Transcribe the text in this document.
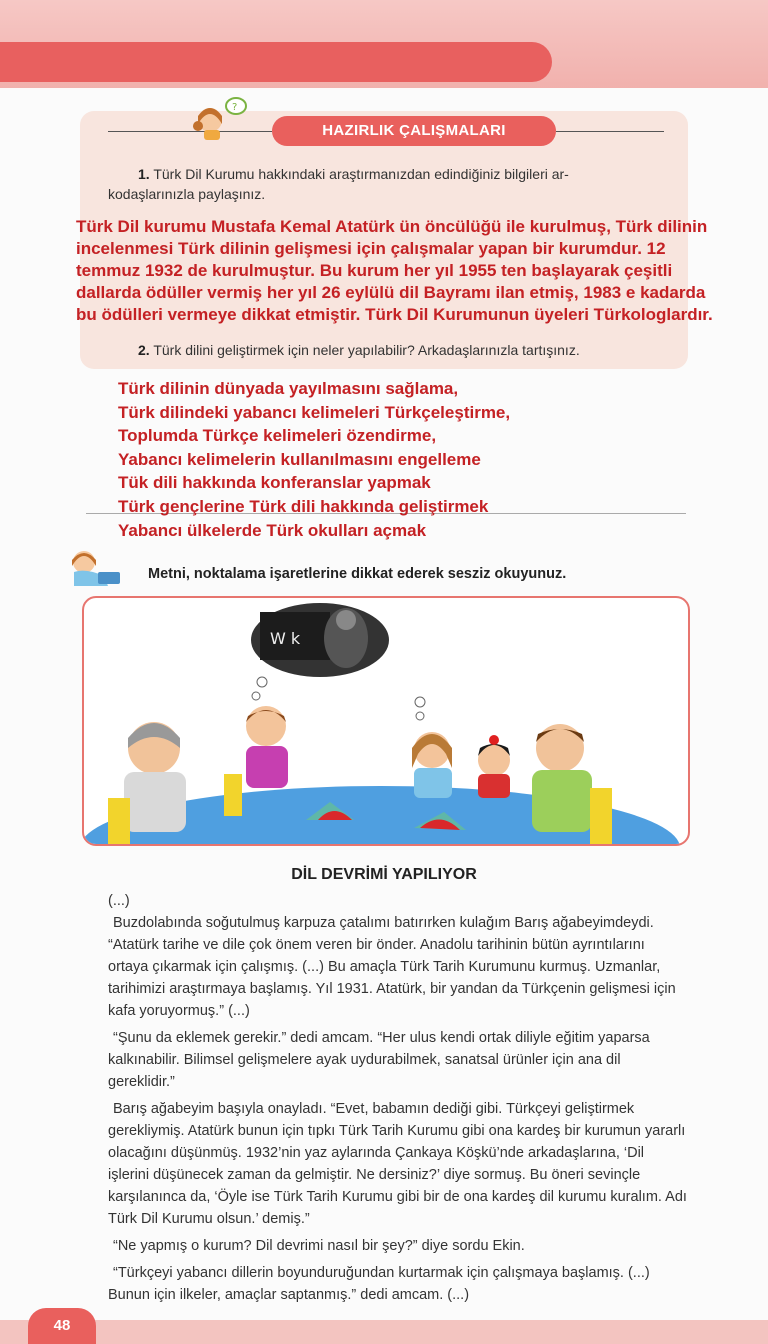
?
HAZIRLIK ÇALIŞMALARI
1. Türk Dil Kurumu hakkındaki araştırmanızdan edindiğiniz bilgileri ar-
kodaşlarınızla paylaşınız.
Türk Dil kurumu Mustafa Kemal Atatürk ün öncülüğü ile kurulmuş, Türk dilinin
incelenmesi Türk dilinin gelişmesi için çalışmalar yapan bir kurumdur. 12
temmuz 1932 de kurulmuştur. Bu kurum her yıl 1955 ten başlayarak çeşitli
dallarda ödüller vermiş her yıl 26 eylülü dil Bayramı ilan etmiş, 1983 e kadarda
bu ödülleri vermeye dikkat etmiştir. Türk Dil Kurumunun üyeleri Türkologlardır.
2. Türk dilini geliştirmek için neler yapılabilir? Arkadaşlarınızla tartışınız.
Türk dilinin dünyada yayılmasını sağlama,
Türk dilindeki yabancı kelimeleri Türkçeleştirme,
Toplumda Türkçe kelimeleri özendirme,
Yabancı kelimelerin kullanılmasını engelleme
Tük dili hakkında konferanslar yapmak
Türk gençlerine Türk dili hakkında geliştirmek
Yabancı ülkelerde Türk okulları açmak
Metni, noktalama işaretlerine dikkat ederek sesziz okuyunuz.
W k
DİL DEVRİMİ YAPILIYOR

(...)

Buzdolabında soğutulmuş karpuza çatalımı batırırken kulağım Barış ağabeyimdeydi. “Atatürk tarihe ve dile çok önem veren bir önder. Anadolu tarihinin bütün ayrıntılarını ortaya çıkarmak için çalışmış. (...) Bu amaçla Türk Tarih Kurumunu kurmuş. Uzmanlar, tarihimizi araştırmaya başlamış. Yıl 1931. Atatürk, bir yandan da Türkçenin gelişmesi için kafa yoruyormuş.” (...)

“Şunu da eklemek gerekir.” dedi amcam. “Her ulus kendi ortak diliyle eğitim yaparsa kalkınabilir. Bilimsel gelişmelere ayak uydurabilmek, sanatsal ürünler için ana dil gereklidir.”

Barış ağabeyim başıyla onayladı. “Evet, babamın dediği gibi. Türkçeyi geliştirmek gerekliymiş. Atatürk bunun için tıpkı Türk Tarih Kurumu gibi ona kardeş bir kurumun yararlı olacağını düşünmüş. 1932’nin yaz aylarında Çankaya Köşkü’nde arkadaşlarına, ‘Dil işlerini düşünecek zaman da gelmiştir. Ne dersiniz?’ diye sormuş. Bu öneri sevinçle karşılanınca da, ‘Öyle ise Türk Tarih Kurumu gibi bir de ona kardeş dil kurumu kuralım. Adı Türk Dil Kurumu olsun.’ demiş.”

“Ne yapmış o kurum? Dil devrimi nasıl bir şey?” diye sordu Ekin.

“Türkçeyi yabancı dillerin boyunduruğundan kurtarmak için çalışmaya başlamış. (...) Bunun için ilkeler, amaçlar saptanmış.” dedi amcam. (...)

48
